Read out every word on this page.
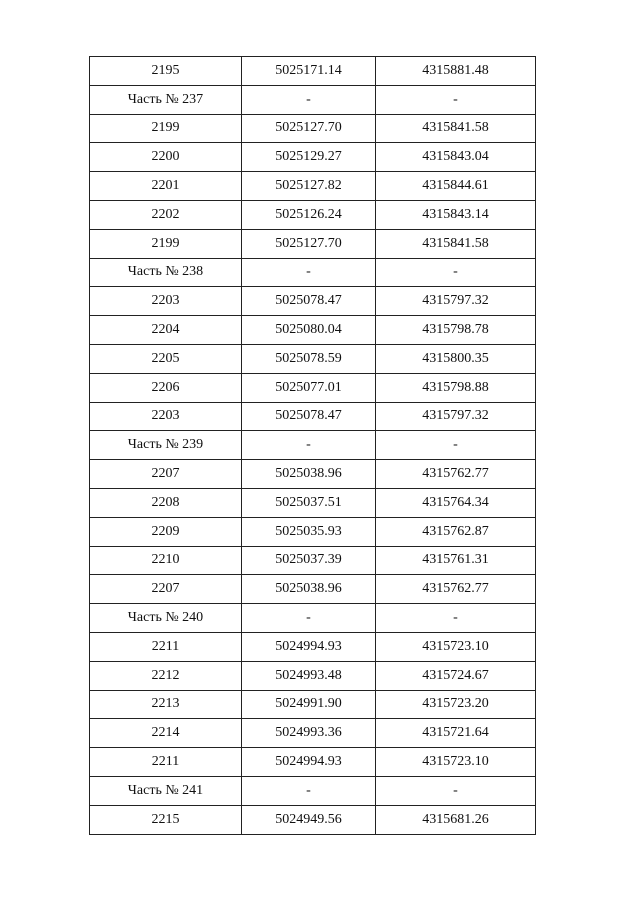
2195	5025171.14	4315881.48
Часть № 237	-	-
2199	5025127.70	4315841.58
2200	5025129.27	4315843.04
2201	5025127.82	4315844.61
2202	5025126.24	4315843.14
2199	5025127.70	4315841.58
Часть № 238	-	-
2203	5025078.47	4315797.32
2204	5025080.04	4315798.78
2205	5025078.59	4315800.35
2206	5025077.01	4315798.88
2203	5025078.47	4315797.32
Часть № 239	-	-
2207	5025038.96	4315762.77
2208	5025037.51	4315764.34
2209	5025035.93	4315762.87
2210	5025037.39	4315761.31
2207	5025038.96	4315762.77
Часть № 240	-	-
2211	5024994.93	4315723.10
2212	5024993.48	4315724.67
2213	5024991.90	4315723.20
2214	5024993.36	4315721.64
2211	5024994.93	4315723.10
Часть № 241	-	-
2215	5024949.56	4315681.26
